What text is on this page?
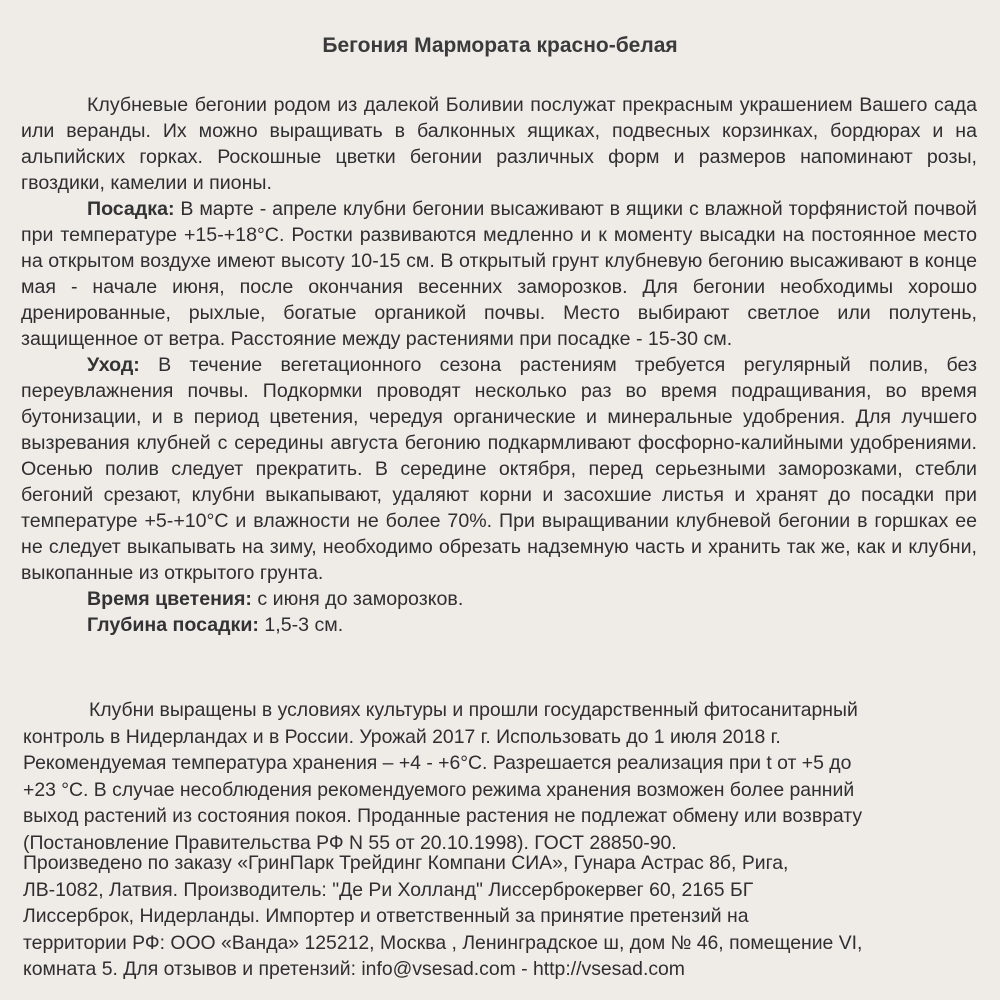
Бегония Мармората красно-белая

Клубневые бегонии родом из далекой Боливии послужат прекрасным украшением Вашего сада или веранды. Их можно выращивать в балконных ящиках, подвесных корзинках, бордюрах и на альпийских горках. Роскошные цветки бегонии различных форм и размеров напоминают розы, гвоздики, камелии и пионы.

Посадка: В марте - апреле клубни бегонии высаживают в ящики с влажной торфянистой почвой при температуре +15-+18°С. Ростки развиваются медленно и к моменту высадки на постоянное место на открытом воздухе имеют высоту 10-15 см. В открытый грунт клубневую бегонию высаживают в конце мая - начале июня, после окончания весенних заморозков. Для бегонии необходимы хорошо дренированные, рыхлые, богатые органикой почвы. Место выбирают светлое или полутень, защищенное от ветра. Расстояние между растениями при посадке - 15-30 см.

Уход: В течение вегетационного сезона растениям требуется регулярный полив, без переувлажнения почвы. Подкормки проводят несколько раз во время подращивания, во время бутонизации, и в период цветения, чередуя органические и минеральные удобрения. Для лучшего вызревания клубней с середины августа бегонию подкармливают фосфорно-калийными удобрениями. Осенью полив следует прекратить. В середине октября, перед серьезными заморозками, стебли бегоний срезают, клубни выкапывают, удаляют корни и засохшие листья и хранят до посадки при температуре +5-+10°С и влажности не более 70%. При выращивании клубневой бегонии в горшках ее не следует выкапывать на зиму, необходимо обрезать надземную часть и хранить так же, как и клубни, выкопанные из открытого грунта.

Время цветения: с июня до заморозков.

Глубина посадки: 1,5-3 см.

Клубни выращены в условиях культуры и прошли государственный фитосанитарный

контроль в Нидерландах и в России. Урожай 2017 г. Использовать до 1 июля 2018 г.

Рекомендуемая температура хранения – +4 - +6°С. Разрешается реализация при t от +5 до

+23 °С. В случае несоблюдения рекомендуемого режима хранения возможен более ранний

выход растений из состояния покоя. Проданные растения не подлежат обмену или возврату

(Постановление Правительства РФ N 55 от 20.10.1998). ГОСТ 28850-90.

Произведено по заказу «ГринПарк Трейдинг Компани СИА», Гунара Астрас 8б, Рига,

ЛВ-1082, Латвия. Производитель: "Де Ри Холланд" Лиссерброкервег 60, 2165 БГ

Лиссерброк, Нидерланды. Импортер и ответственный за принятие претензий на

территории РФ: ООО «Ванда» 125212, Москва , Ленинградское ш, дом № 46, помещение VI,

комната 5. Для отзывов и претензий: info@vsesad.com - http://vsesad.com
